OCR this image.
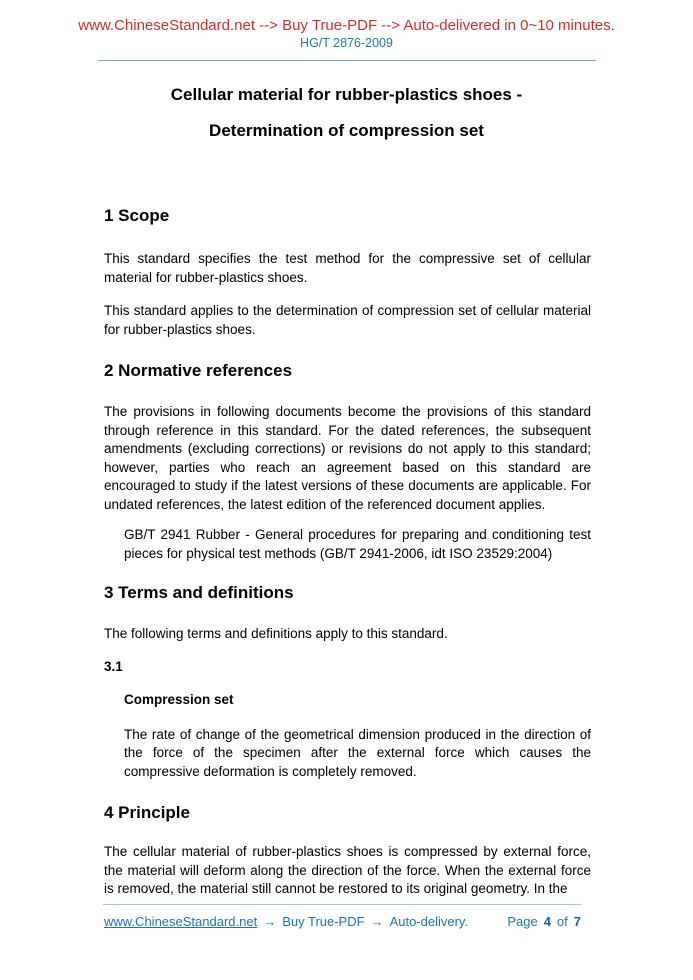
www.ChineseStandard.net --> Buy True-PDF --> Auto-delivered in 0~10 minutes.
HG/T 2876-2009
Cellular material for rubber-plastics shoes -
Determination of compression set
1 Scope

This standard specifies the test method for the compressive set of cellular material for rubber-plastics shoes.

This standard applies to the determination of compression set of cellular material for rubber-plastics shoes.

2 Normative references

The provisions in following documents become the provisions of this standard through reference in this standard. For the dated references, the subsequent amendments (excluding corrections) or revisions do not apply to this standard; however, parties who reach an agreement based on this standard are encouraged to study if the latest versions of these documents are applicable. For undated references, the latest edition of the referenced document applies.

GB/T 2941 Rubber - General procedures for preparing and conditioning test pieces for physical test methods (GB/T 2941-2006, idt ISO 23529:2004)

3 Terms and definitions

The following terms and definitions apply to this standard.

3.1
Compression set

The rate of change of the geometrical dimension produced in the direction of the force of the specimen after the external force which causes the compressive deformation is completely removed.

4 Principle

The cellular material of rubber-plastics shoes is compressed by external force, the material will deform along the direction of the force. When the external force is removed, the material still cannot be restored to its original geometry. In the

www.ChineseStandard.net → Buy True-PDF → Auto-delivery.	Page 4 of 7
